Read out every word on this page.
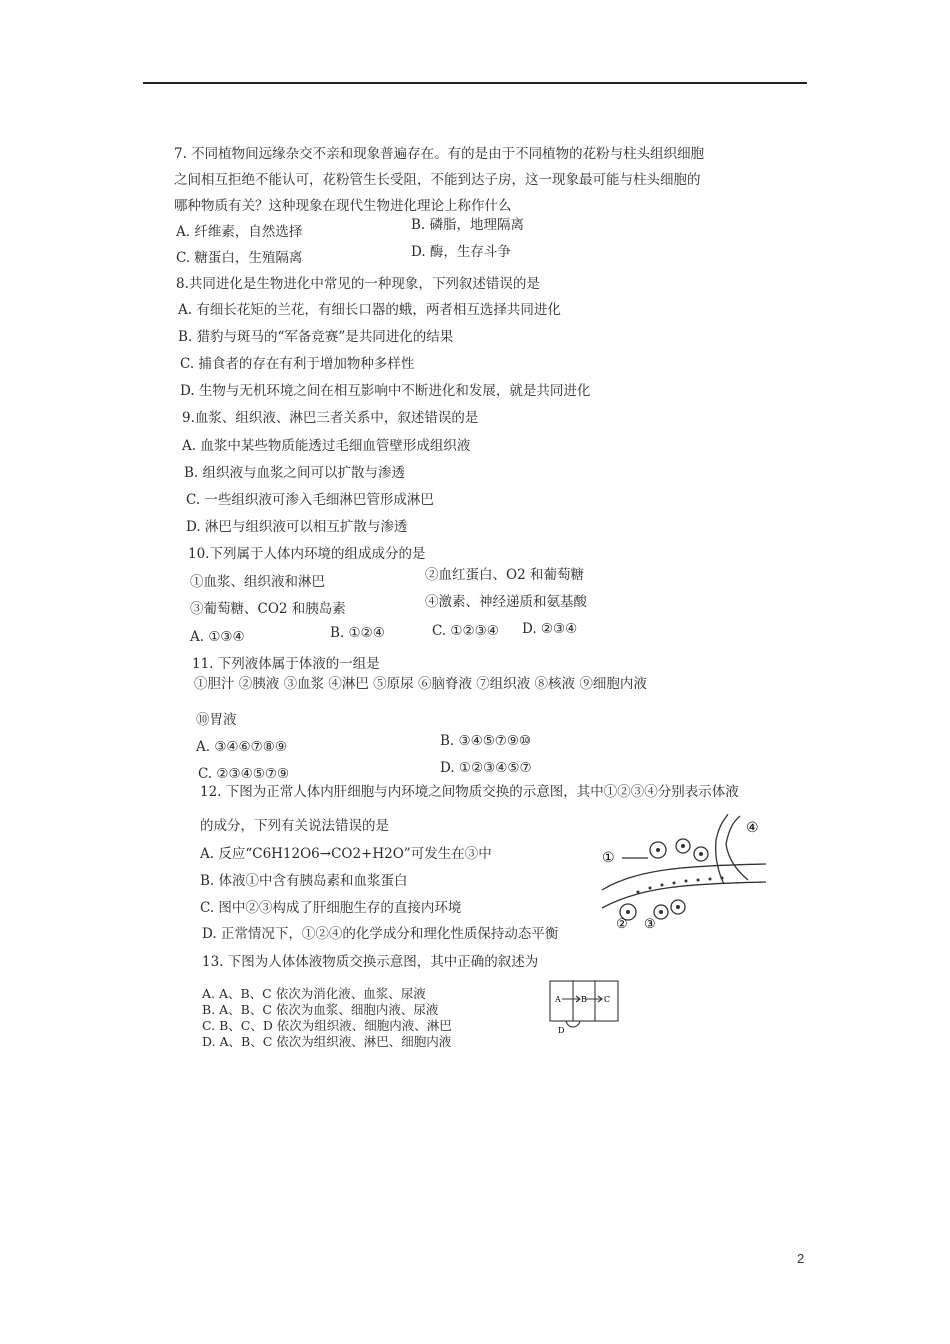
7. 不同植物间远缘杂交不亲和现象普遍存在。有的是由于不同植物的花粉与柱头组织细胞
之间相互拒绝不能认可，花粉管生长受阻，不能到达子房，这一现象最可能与柱头细胞的
哪种物质有关？这种现象在现代生物进化理论上称作什么
A. 纤维素，自然选择	B. 磷脂，地理隔离
C. 糖蛋白，生殖隔离	D. 酶，生存斗争
8.共同进化是生物进化中常见的一种现象，下列叙述错误的是
A. 有细长花矩的兰花，有细长口器的蛾，两者相互选择共同进化
B. 猎豹与斑马的“军备竞赛”是共同进化的结果
C. 捕食者的存在有利于增加物种多样性
D. 生物与无机环境之间在相互影响中不断进化和发展，就是共同进化
9.血浆、组织液、淋巴三者关系中，叙述错误的是
A. 血浆中某些物质能透过毛细血管壁形成组织液
B. 组织液与血浆之间可以扩散与渗透
C. 一些组织液可渗入毛细淋巴管形成淋巴
D. 淋巴与组织液可以相互扩散与渗透
10.下列属于人体内环境的组成成分的是
①血浆、组织液和淋巴	②血红蛋白、O2 和葡萄糖
③葡萄糖、CO2 和胰岛素	④激素、神经递质和氨基酸
A. ①③④	B. ①②④	C. ①②③④ D. ②③④
11. 下列液体属于体液的一组是
①胆汁 ②胰液 ③血浆 ④淋巴 ⑤原尿 ⑥脑脊液 ⑦组织液 ⑧核液 ⑨细胞内液
⑩胃液
A. ③④⑥⑦⑧⑨	B. ③④⑤⑦⑨⑩
C. ②③④⑤⑦⑨	D. ①②③④⑤⑦
12. 下图为正常人体内肝细胞与内环境之间物质交换的示意图，其中①②③④分别表示体液
的成分，下列有关说法错误的是
A. 反应“C6H12O6→CO2+H2O”可发生在③中
B. 体液①中含有胰岛素和血浆蛋白
C. 图中②③构成了肝细胞生存的直接内环境
D. 正常情况下，①②④的化学成分和理化性质保持动态平衡
①
② ③
④
13. 下图为人体体液物质交换示意图，其中正确的叙述为
A. A、B、C 依次为消化液、血浆、尿液
B. A、B、C 依次为血浆、细胞内液、尿液
C. B、C、D 依次为组织液、细胞内液、淋巴
D. A、B、C 依次为组织液、淋巴、细胞内液
A	B C
D
2
